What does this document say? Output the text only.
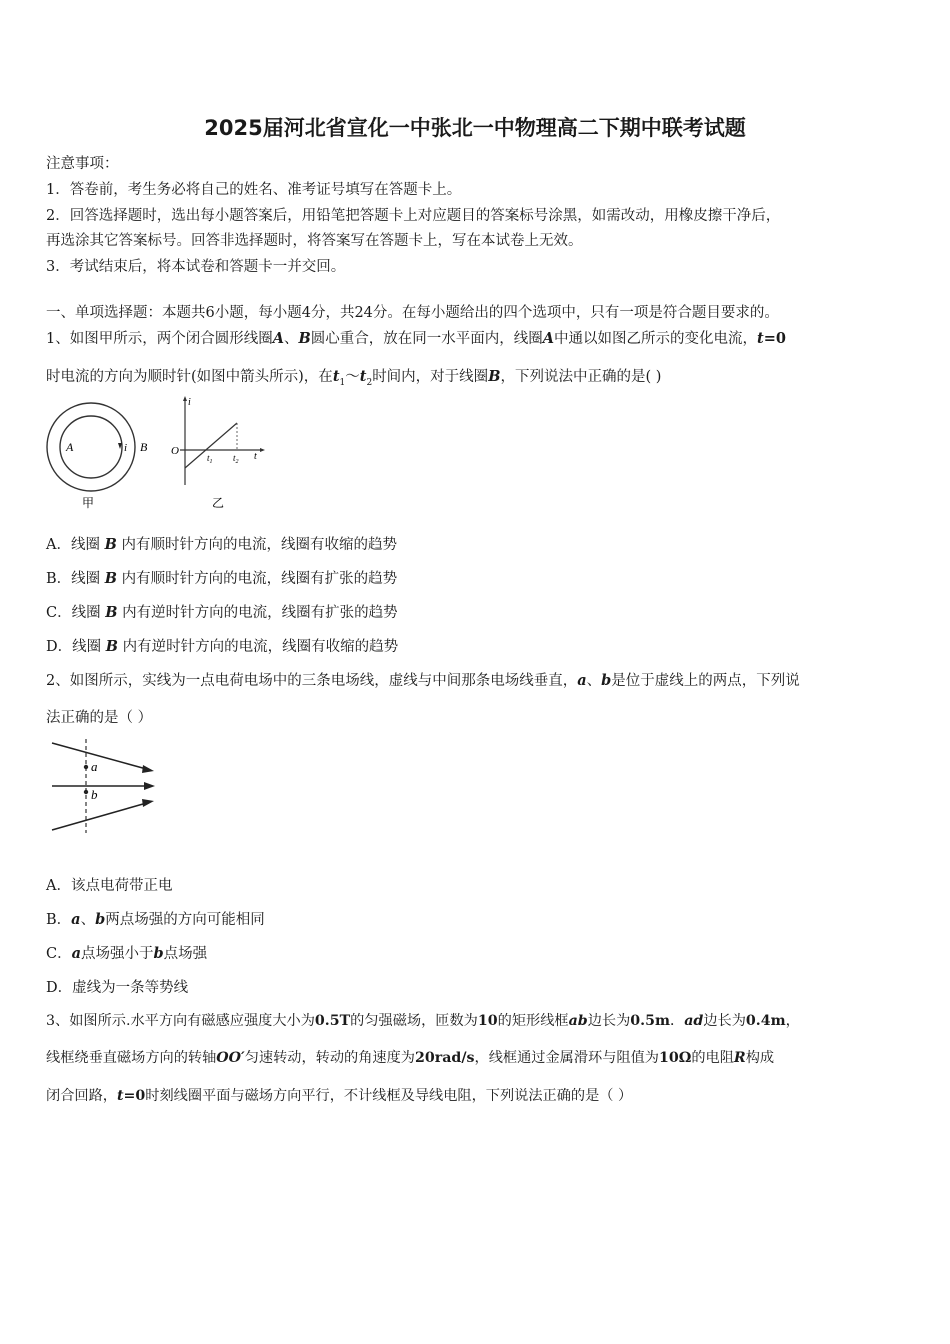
2025届河北省宣化一中张北一中物理高二下期中联考试题
注意事项：
1．答卷前，考生务必将自己的姓名、准考证号填写在答题卡上。
2．回答选择题时，选出每小题答案后，用铅笔把答题卡上对应题目的答案标号涂黑，如需改动，用橡皮擦干净后，
再选涂其它答案标号。回答非选择题时，将答案写在答题卡上，写在本试卷上无效。
3．考试结束后，将本试卷和答题卡一并交回。
一、单项选择题：本题共6小题，每小题4分，共24分。在每小题给出的四个选项中，只有一项是符合题目要求的。
1、如图甲所示，两个闭合圆形线圈A、B圆心重合，放在同一水平面内，线圈A中通以如图乙所示的变化电流，t=0
时电流的方向为顺时针(如图中箭头所示)，在$t_1\sim t_2$时间内，对于线圈B，下列说法中正确的是( )
A	i B
甲
i
O
$t_1$ $t_2$ t
乙
A．线圈 B 内有顺时针方向的电流，线圈有收缩的趋势
B．线圈 B 内有顺时针方向的电流，线圈有扩张的趋势
C．线圈 B 内有逆时针方向的电流，线圈有扩张的趋势
D．线圈 B 内有逆时针方向的电流，线圈有收缩的趋势
2、如图所示，实线为一点电荷电场中的三条电场线，虚线与中间那条电场线垂直，a、b是位于虚线上的两点，下列说
法正确的是（ ）
a
b
A．该点电荷带正电
B．a、b两点场强的方向可能相同
C．a点场强小于b点场强
D．虚线为一条等势线
3、如图所示.水平方向有磁感应强度大小为0.5T的匀强磁场，匝数为10的矩形线框ab边长为0.5m．ad边长为0.4m，
线框绕垂直磁场方向的转轴OO′匀速转动，转动的角速度为20rad/s，线框通过金属滑环与阻值为10Ω的电阻R构成
闭合回路，t=0时刻线圈平面与磁场方向平行，不计线框及导线电阻，下列说法正确的是（ ）
